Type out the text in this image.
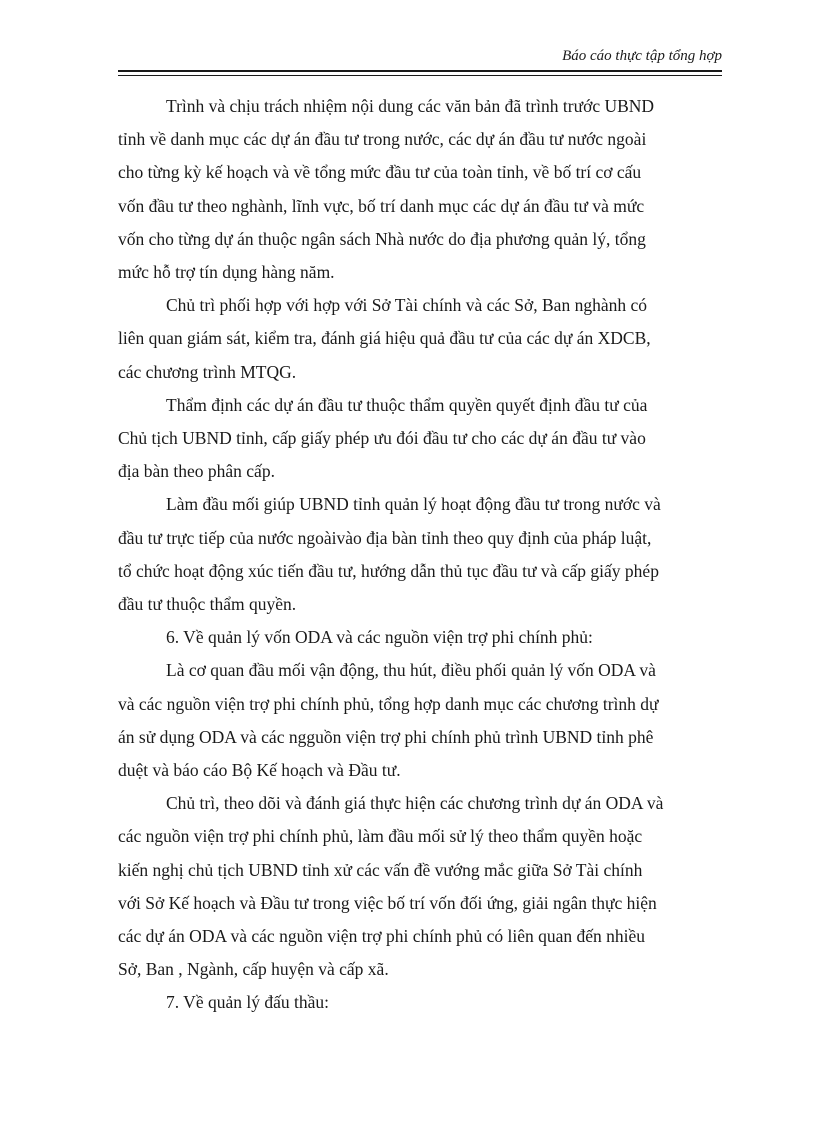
Báo cáo thực tập tổng hợp

Trình và chịu trách nhiệm nội dung các văn bản đã trình trước UBND
tỉnh về danh mục các dự án đầu tư trong nước, các dự án đầu tư nước ngoài
cho từng kỳ kế hoạch và về tổng mức đầu tư của toàn tỉnh, về bố trí cơ cấu
vốn đầu tư theo nghành, lĩnh vực, bố trí danh mục các dự án đầu tư và mức
vốn cho từng dự án thuộc ngân sách Nhà nước do địa phương quản lý, tổng
mức hỗ trợ tín dụng hàng năm.

Chủ trì phối hợp với hợp với Sở Tài chính và các Sở, Ban nghành có
liên quan giám sát, kiểm tra, đánh giá hiệu quả đầu tư của các dự án XDCB,
các chương trình MTQG.

Thẩm định các dự án đầu tư thuộc thẩm quyền quyết định đầu tư của
Chủ tịch UBND tỉnh, cấp giấy phép ưu đói đầu tư cho các dự án đầu tư vào
địa bàn theo phân cấp.

Làm đầu mối giúp UBND tỉnh quản lý hoạt động đầu tư trong nước và
đầu tư trực tiếp của nước ngoàivào địa bàn tỉnh theo quy định của pháp luật,
tổ chức hoạt động xúc tiến đầu tư, hướng dẫn thủ tục đầu tư và cấp giấy phép
đầu tư thuộc thẩm quyền.

6. Về quản lý vốn ODA và các nguồn viện trợ phi chính phủ:

Là cơ quan đầu mối vận động, thu hút, điều phối quản lý vốn ODA và
và các nguồn viện trợ phi chính phủ, tổng hợp danh mục các chương trình dự
án sử dụng ODA và các ngguồn viện trợ phi chính phủ trình UBND tỉnh phê
duệt và báo cáo Bộ Kế hoạch và Đầu tư.

Chủ trì, theo dõi và đánh giá thực hiện các chương trình dự án ODA và
các nguồn viện trợ phi chính phủ, làm đầu mối sử lý theo thẩm quyền hoặc
kiến nghị chủ tịch UBND tỉnh xử các vấn đề vướng mắc giữa Sở Tài chính
với Sở Kế hoạch và Đầu tư trong việc bố trí vốn đối ứng, giải ngân thực hiện
các dự án ODA và các nguồn viện trợ phi chính phủ có liên quan đến nhiều
Sở, Ban , Ngành, cấp huyện và cấp xã.

7. Về quản lý đấu thầu:
